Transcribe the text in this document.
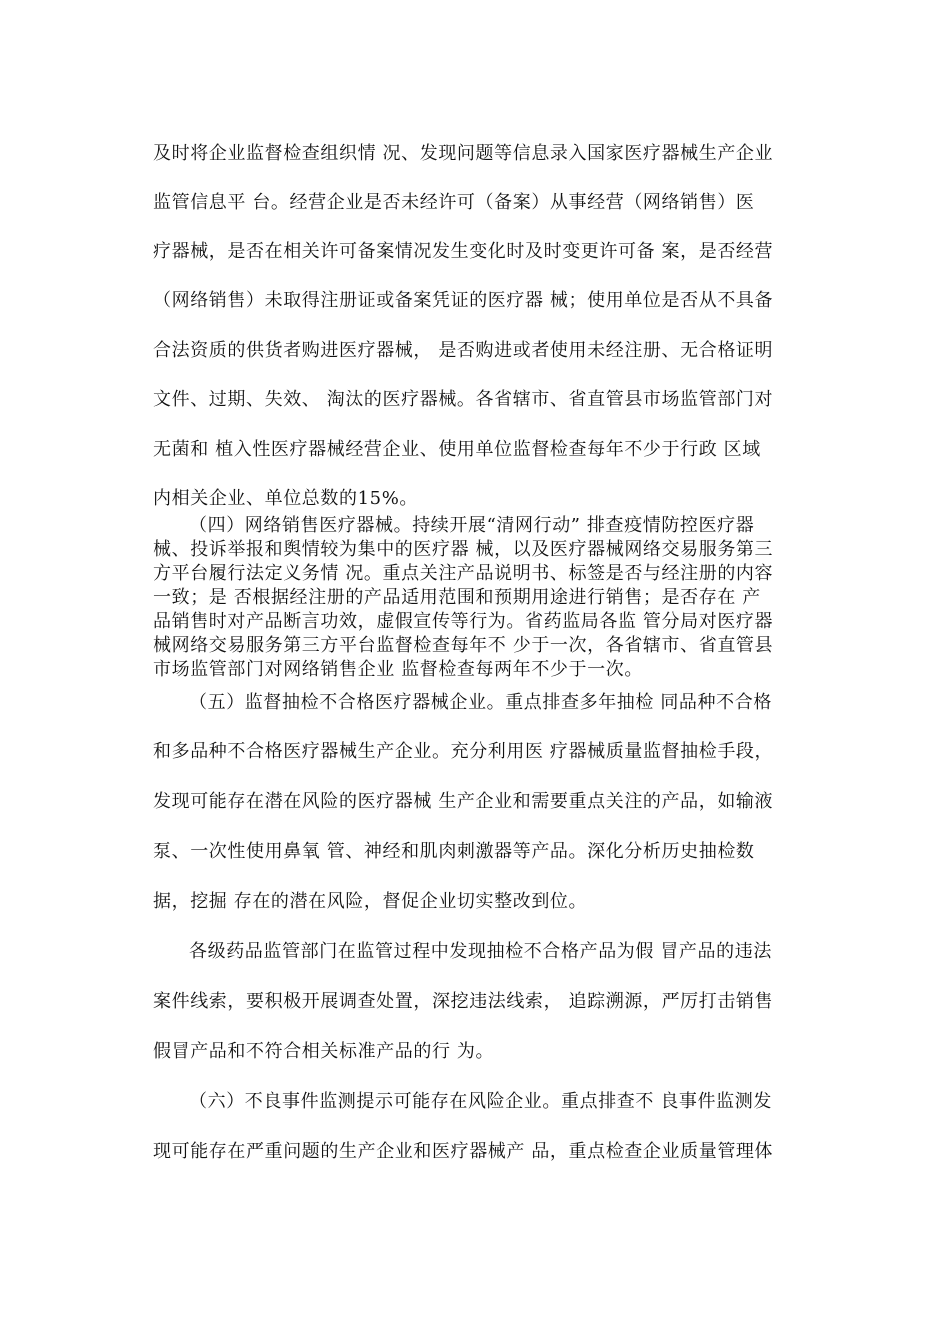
及时将企业监督检查组织情 况、发现问题等信息录入国家医疗器械生产企业
监管信息平 台。经营企业是否未经许可（备案）从事经营（网络销售）医
疗器械，是否在相关许可备案情况发生变化时及时变更许可备 案，是否经营
（网络销售）未取得注册证或备案凭证的医疗器 械；使用单位是否从不具备
合法资质的供货者购进医疗器械， 是否购进或者使用未经注册、无合格证明
文件、过期、失效、 淘汰的医疗器械。各省辖市、省直管县市场监管部门对
无菌和 植入性医疗器械经营企业、使用单位监督检查每年不少于行政 区域
内相关企业、单位总数的15%。
（四）网络销售医疗器械。持续开展“清网行动” 排查疫情防控医疗器
械、投诉举报和舆情较为集中的医疗器 械，以及医疗器械网络交易服务第三
方平台履行法定义务情 况。重点关注产品说明书、标签是否与经注册的内容
一致；是 否根据经注册的产品适用范围和预期用途进行销售；是否存在 产
品销售时对产品断言功效，虚假宣传等行为。省药监局各监 管分局对医疗器
械网络交易服务第三方平台监督检查每年不 少于一次，各省辖市、省直管县
市场监管部门对网络销售企业 监督检查每两年不少于一次。
（五）监督抽检不合格医疗器械企业。重点排查多年抽检 同品种不合格
和多品种不合格医疗器械生产企业。充分利用医 疗器械质量监督抽检手段，
发现可能存在潜在风险的医疗器械 生产企业和需要重点关注的产品，如输液
泵、一次性使用鼻氧 管、神经和肌肉刺激器等产品。深化分析历史抽检数
据，挖掘 存在的潜在风险，督促企业切实整改到位。
各级药品监管部门在监管过程中发现抽检不合格产品为假 冒产品的违法
案件线索，要积极开展调查处置，深挖违法线索， 追踪溯源，严厉打击销售
假冒产品和不符合相关标准产品的行 为。
（六）不良事件监测提示可能存在风险企业。重点排查不 良事件监测发
现可能存在严重问题的生产企业和医疗器械产 品，重点检查企业质量管理体
